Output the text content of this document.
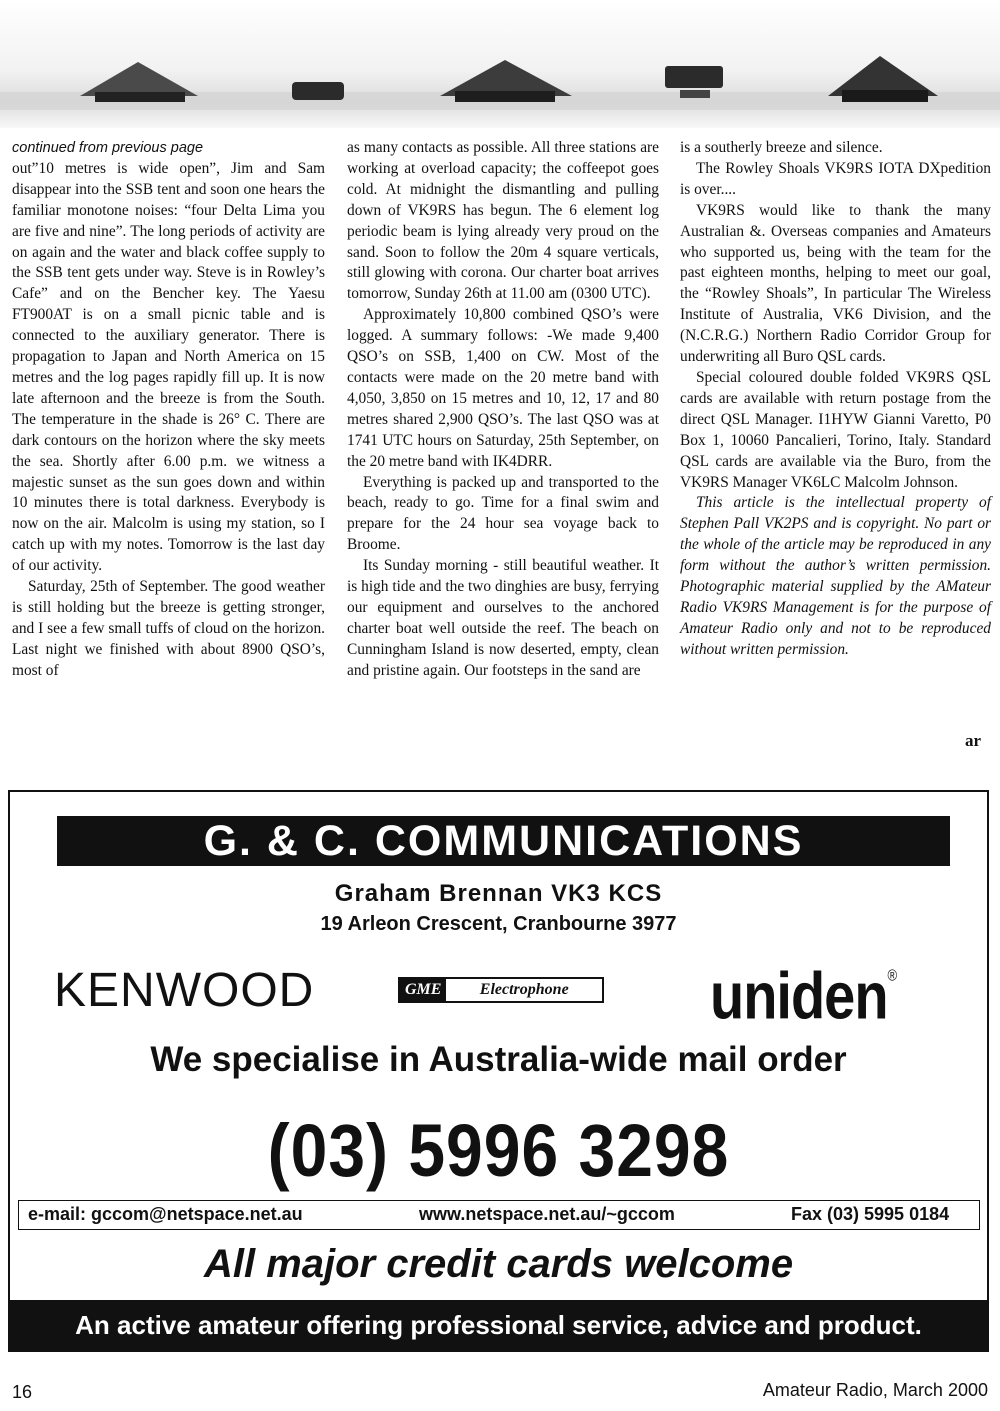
continued from previous page

out”10 metres is wide open”, Jim and Sam disappear into the SSB tent and soon one hears the familiar monotone noises: “four Delta Lima you are five and nine”. The long periods of activity are on again and the water and black coffee supply to the SSB tent gets under way. Steve is in Rowley’s Cafe” and on the Bencher key. The Yaesu FT900AT is on a small picnic table and is connected to the auxiliary generator. There is propagation to Japan and North America on 15 metres and the log pages rapidly fill up. It is now late afternoon and the breeze is from the South. The temperature in the shade is 26° C. There are dark contours on the horizon where the sky meets the sea. Shortly after 6.00 p.m. we witness a majestic sunset as the sun goes down and within 10 minutes there is total darkness. Everybody is now on the air. Malcolm is using my station, so I catch up with my notes. Tomorrow is the last day of our activity.

Saturday, 25th of September. The good weather is still holding but the breeze is getting stronger, and I see a few small tuffs of cloud on the horizon. Last night we finished with about 8900 QSO’s, most of

as many contacts as possible. All three stations are working at overload capacity; the coffeepot goes cold. At midnight the dismantling and pulling down of VK9RS has begun. The 6 element log periodic beam is lying already very proud on the sand. Soon to follow the 20m 4 square verticals, still glowing with corona. Our charter boat arrives tomorrow, Sunday 26th at 11.00 am (0300 UTC).

Approximately 10,800 combined QSO’s were logged. A summary follows: -We made 9,400 QSO’s on SSB, 1,400 on CW. Most of the contacts were made on the 20 metre band with 4,050, 3,850 on 15 metres and 10, 12, 17 and 80 metres shared 2,900 QSO’s. The last QSO was at 1741 UTC hours on Saturday, 25th September, on the 20 metre band with IK4DRR.

Everything is packed up and transported to the beach, ready to go. Time for a final swim and prepare for the 24 hour sea voyage back to Broome.

Its Sunday morning - still beautiful weather. It is high tide and the two dinghies are busy, ferrying our equipment and ourselves to the anchored charter boat well outside the reef. The beach on Cunningham Island is now deserted, empty, clean and pristine again. Our footsteps in the sand are

is a southerly breeze and silence.

The Rowley Shoals VK9RS IOTA DXpedition is over....

VK9RS would like to thank the many Australian &. Overseas companies and Amateurs who supported us, being with the team for the past eighteen months, helping to meet our goal, the “Rowley Shoals”, In particular The Wireless Institute of Australia, VK6 Division, and the (N.C.R.G.) Northern Radio Corridor Group for underwriting all Buro QSL cards.

Special coloured double folded VK9RS QSL cards are available with return postage from the direct QSL Manager. I1HYW Gianni Varetto, P0 Box 1, 10060 Pancalieri, Torino, Italy. Standard QSL cards are available via the Buro, from the VK9RS Manager VK6LC Malcolm Johnson.

This article is the intellectual property of Stephen Pall VK2PS and is copyright. No part or the whole of the article may be reproduced in any form without the author’s written permission. Photographic material supplied by the AMateur Radio VK9RS Management is for the purpose of Amateur Radio only and not to be reproduced without written permission.

ar
G. & C. COMMUNICATIONS
Graham Brennan VK3 KCS
19 Arleon Crescent, Cranbourne 3977
KENWOOD	GME	Electrophone	uniden®
We specialise in Australia-wide mail order
(03) 5996 3298
e-mail: gccom@netspace.net.au	www.netspace.net.au/~gccom	Fax (03) 5995 0184
All major credit cards welcome
An active amateur offering professional service, advice and product.
16	Amateur Radio, March 2000
